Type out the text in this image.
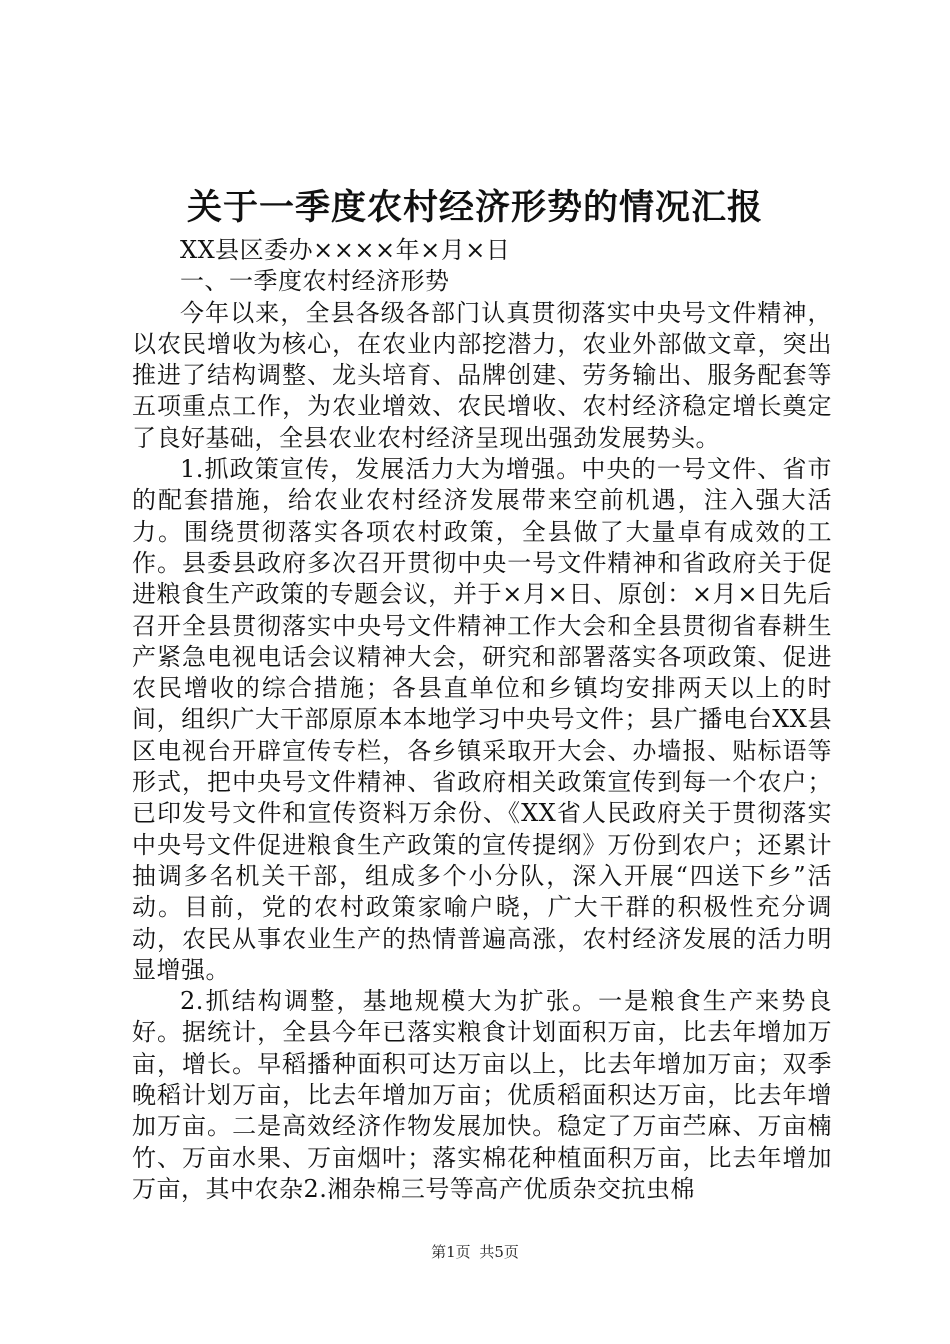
关于一季度农村经济形势的情况汇报

XX县区委办××××年×月×日

一、一季度农村经济形势

今年以来，全县各级各部门认真贯彻落实中央号文件精神，以农民增收为核心，在农业内部挖潜力，农业外部做文章，突出推进了结构调整、龙头培育、品牌创建、劳务输出、服务配套等五项重点工作，为农业增效、农民增收、农村经济稳定增长奠定了良好基础，全县农业农村经济呈现出强劲发展势头。

1.抓政策宣传，发展活力大为增强。中央的一号文件、省市的配套措施，给农业农村经济发展带来空前机遇，注入强大活力。围绕贯彻落实各项农村政策，全县做了大量卓有成效的工作。县委县政府多次召开贯彻中央一号文件精神和省政府关于促进粮食生产政策的专题会议，并于×月×日、原创：×月×日先后召开全县贯彻落实中央号文件精神工作大会和全县贯彻省春耕生产紧急电视电话会议精神大会，研究和部署落实各项政策、促进农民增收的综合措施；各县直单位和乡镇均安排两天以上的时间，组织广大干部原原本本地学习中央号文件；县广播电台XX县区电视台开辟宣传专栏，各乡镇采取开大会、办墙报、贴标语等形式，把中央号文件精神、省政府相关政策宣传到每一个农户；已印发号文件和宣传资料万余份、《XX省人民政府关于贯彻落实中央号文件促进粮食生产政策的宣传提纲》万份到农户；还累计抽调多名机关干部，组成多个小分队，深入开展“四送下乡”活动。目前，党的农村政策家喻户晓，广大干群的积极性充分调动，农民从事农业生产的热情普遍高涨，农村经济发展的活力明显增强。

2.抓结构调整，基地规模大为扩张。一是粮食生产来势良好。据统计，全县今年已落实粮食计划面积万亩，比去年增加万亩，增长。早稻播种面积可达万亩以上，比去年增加万亩；双季晚稻计划万亩，比去年增加万亩；优质稻面积达万亩，比去年增加万亩。二是高效经济作物发展加快。稳定了万亩苎麻、万亩楠竹、万亩水果、万亩烟叶；落实棉花种植面积万亩，比去年增加万亩，其中农杂2.湘杂棉三号等高产优质杂交抗虫棉

第1页 共5页
